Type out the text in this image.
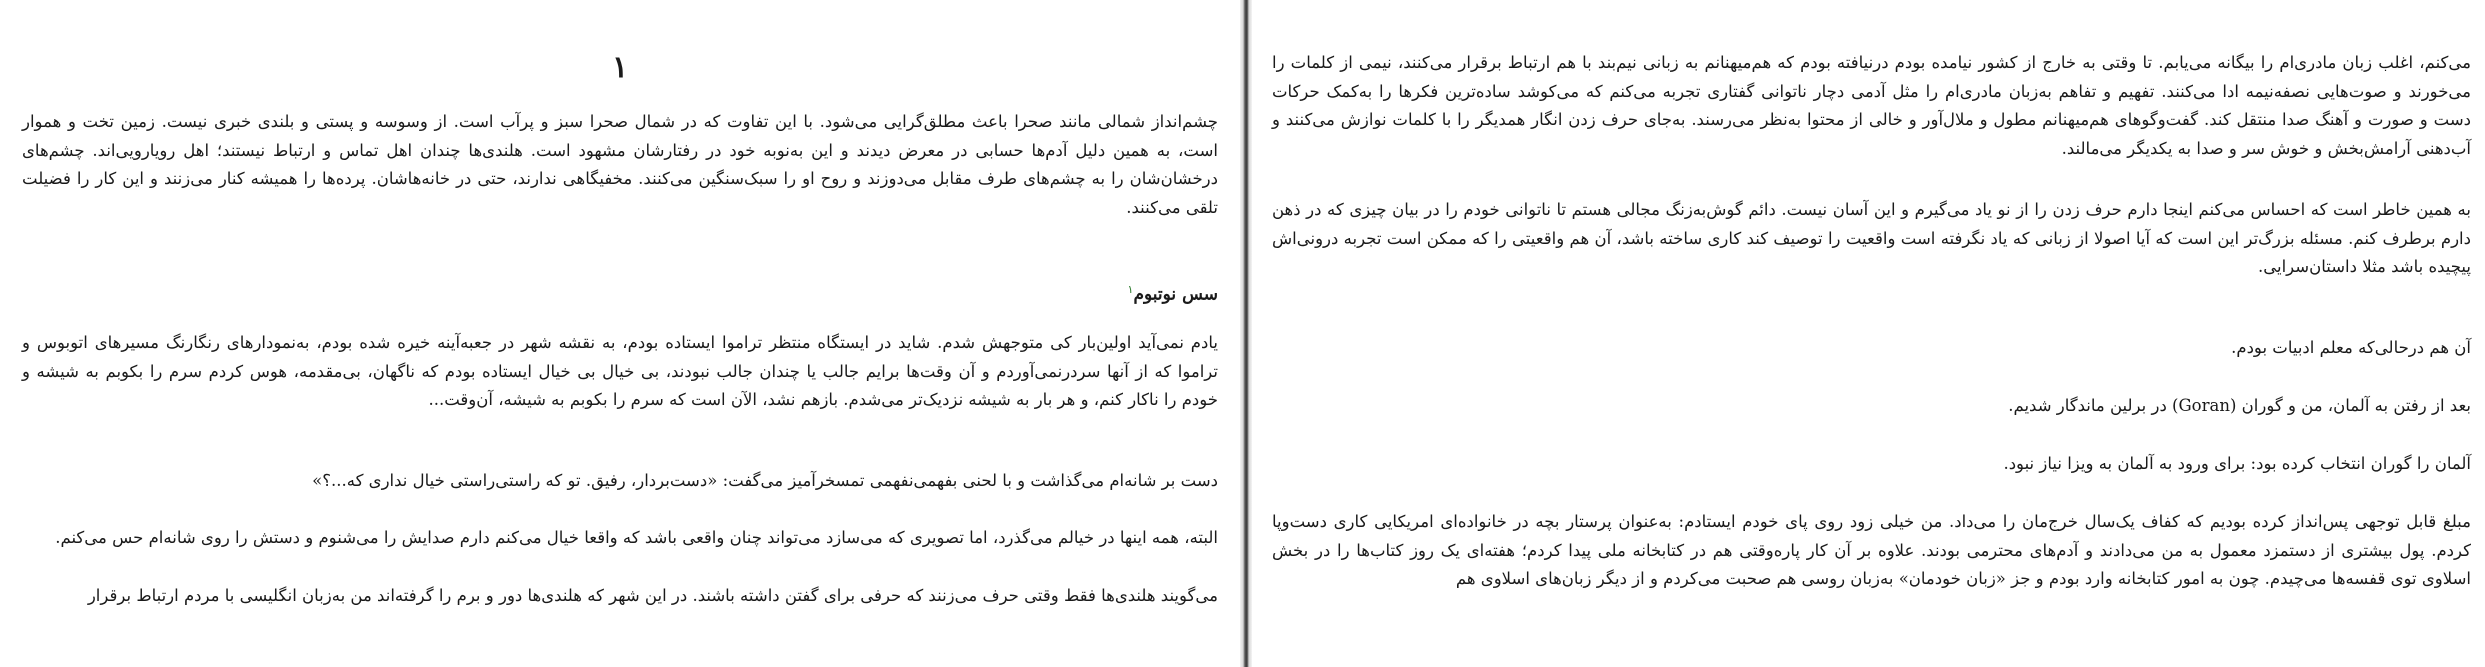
۱

چشم‌انداز شمالی مانند صحرا باعث مطلق‌گرایی می‌شود. با این تفاوت که در شمال صحرا سبز و پرآب است. از وسوسه و پستی و بلندی خبری نیست. زمین تخت و هموار است، به همین دلیل آدم‌ها حسابی در معرض دیدند و این به‌نوبه خود در رفتارشان مشهود است. هلندی‌ها چندان اهل تماس و ارتباط نیستند؛ اهل رویارویی‌اند. چشم‌های درخشان‌شان را به چشم‌های طرف مقابل می‌دوزند و روح او را سبک‌سنگین می‌کنند. مخفیگاهی ندارند، حتی در خانه‌هاشان. پرده‌ها را همیشه کنار می‌زنند و این کار را فضیلت تلقی می‌کنند.

سس نوتبوم$^۱$

یادم نمی‌آید اولین‌بار کی متوجهش شدم. شاید در ایستگاه منتظر تراموا ایستاده بودم، به نقشه شهر در جعبه‌آینه خیره شده بودم، به‌نمودارهای رنگارنگ مسیرهای اتوبوس و تراموا که از آنها سردرنمی‌آوردم و آن وقت‌ها برایم جالب یا چندان جالب نبودند، بی خیال بی خیال ایستاده بودم که ناگهان، بی‌مقدمه، هوس کردم سرم را بکوبم به شیشه و خودم را ناکار کنم، و هر بار به شیشه نزدیک‌تر می‌شدم. بازهم نشد، الآن است که سرم را بکوبم به شیشه، آن‌وقت...

دست بر شانه‌ام می‌گذاشت و با لحنی بفهمی‌نفهمی تمسخرآمیز می‌گفت: «دست‌بردار، رفیق. تو که راستی‌راستی خیال نداری که...؟»

البته، همه اینها در خیالم می‌گذرد، اما تصویری که می‌سازد می‌تواند چنان واقعی باشد که واقعا خیال می‌کنم دارم صدایش را می‌شنوم و دستش را روی شانه‌ام حس می‌کنم.

می‌گویند هلندی‌ها فقط وقتی حرف می‌زنند که حرفی برای گفتن داشته باشند. در این شهر که هلندی‌ها دور و برم را گرفته‌اند من به‌زبان انگلیسی با مردم ارتباط برقرار

می‌کنم، اغلب زبان مادری‌ام را بیگانه می‌یابم. تا وقتی به خارج از کشور نیامده بودم درنیافته بودم که هم‌میهنانم به زبانی نیم‌بند با هم ارتباط برقرار می‌کنند، نیمی از کلمات را می‌خورند و صوت‌هایی نصفه‌نیمه ادا می‌کنند. تفهیم و تفاهم به‌زبان مادری‌ام را مثل آدمی دچار ناتوانی گفتاری تجربه می‌کنم که می‌کوشد ساده‌ترین فکرها را به‌کمک حرکات دست و صورت و آهنگ صدا منتقل کند. گفت‌وگوهای هم‌میهنانم مطول و ملال‌آور و خالی از محتوا به‌نظر می‌رسند. به‌جای حرف زدن انگار همدیگر را با کلمات نوازش می‌کنند و آب‌دهنی آرامش‌بخش و خوش سر و صدا به یکدیگر می‌مالند.

به همین خاطر است که احساس می‌کنم اینجا دارم حرف زدن را از نو یاد می‌گیرم و این آسان نیست. دائم گوش‌به‌زنگ مجالی هستم تا ناتوانی خودم را در بیان چیزی که در ذهن دارم برطرف کنم. مسئله بزرگ‌تر این است که آیا اصولا از زبانی که یاد نگرفته است واقعیت را توصیف کند کاری ساخته باشد، آن هم واقعیتی را که ممکن است تجربه درونی‌اش پیچیده باشد مثلا داستان‌سرایی.

آن هم درحالی‌که معلم ادبیات بودم.

بعد از رفتن به آلمان، من و گوران (Goran) در برلین ماندگار شدیم.

آلمان را گوران انتخاب کرده بود: برای ورود به آلمان به ویزا نیاز نبود.

مبلغ قابل توجهی پس‌انداز کرده بودیم که کفاف یک‌سال خرج‌مان را می‌داد. من خیلی زود روی پای خودم ایستادم: به‌عنوان پرستار بچه در خانواده‌ای امریکایی کاری دست‌وپا کردم. پول بیشتری از دستمزد معمول به من می‌دادند و آدم‌های محترمی بودند. علاوه بر آن کار پاره‌وقتی هم در کتابخانه ملی پیدا کردم؛ هفته‌ای یک روز کتاب‌ها را در بخش اسلاوی توی قفسه‌ها می‌چیدم. چون به امور کتابخانه وارد بودم و جز «زبان خودمان» به‌زبان روسی هم صحبت می‌کردم و از دیگر زبان‌های اسلاوی هم
